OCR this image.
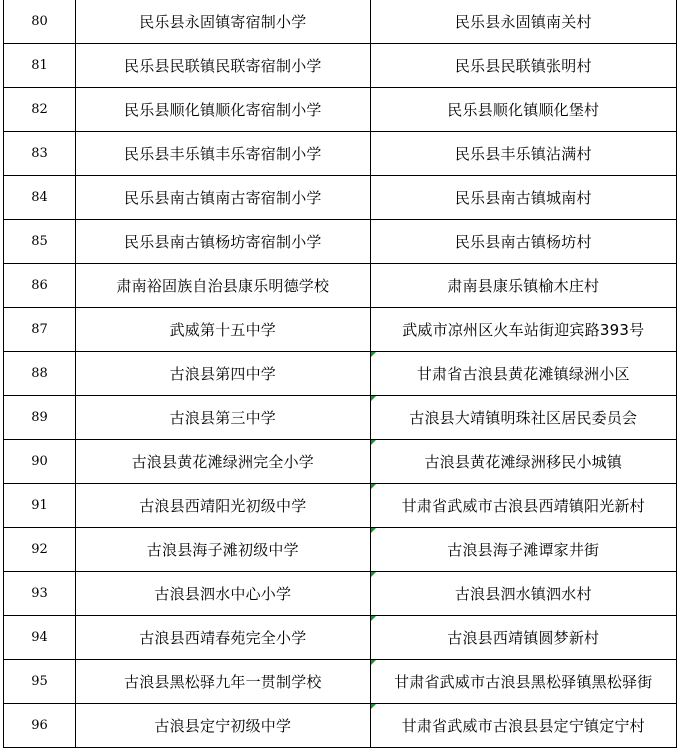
80	民乐县永固镇寄宿制小学	民乐县永固镇南关村
81	民乐县民联镇民联寄宿制小学	民乐县民联镇张明村
82	民乐县顺化镇顺化寄宿制小学	民乐县顺化镇顺化堡村
83	民乐县丰乐镇丰乐寄宿制小学	民乐县丰乐镇沾满村
84	民乐县南古镇南古寄宿制小学	民乐县南古镇城南村
85	民乐县南古镇杨坊寄宿制小学	民乐县南古镇杨坊村
86	肃南裕固族自治县康乐明德学校	肃南县康乐镇榆木庄村
87	武威第十五中学	武威市凉州区火车站街迎宾路393号
88	古浪县第四中学	甘肃省古浪县黄花滩镇绿洲小区
89	古浪县第三中学	古浪县大靖镇明珠社区居民委员会
90	古浪县黄花滩绿洲完全小学	古浪县黄花滩绿洲移民小城镇
91	古浪县西靖阳光初级中学	甘肃省武威市古浪县西靖镇阳光新村
92	古浪县海子滩初级中学	古浪县海子滩谭家井街
93	古浪县泗水中心小学	古浪县泗水镇泗水村
94	古浪县西靖春苑完全小学	古浪县西靖镇圆梦新村
95	古浪县黑松驿九年一贯制学校	甘肃省武威市古浪县黑松驿镇黑松驿街
96	古浪县定宁初级中学	甘肃省武威市古浪县县定宁镇定宁村
